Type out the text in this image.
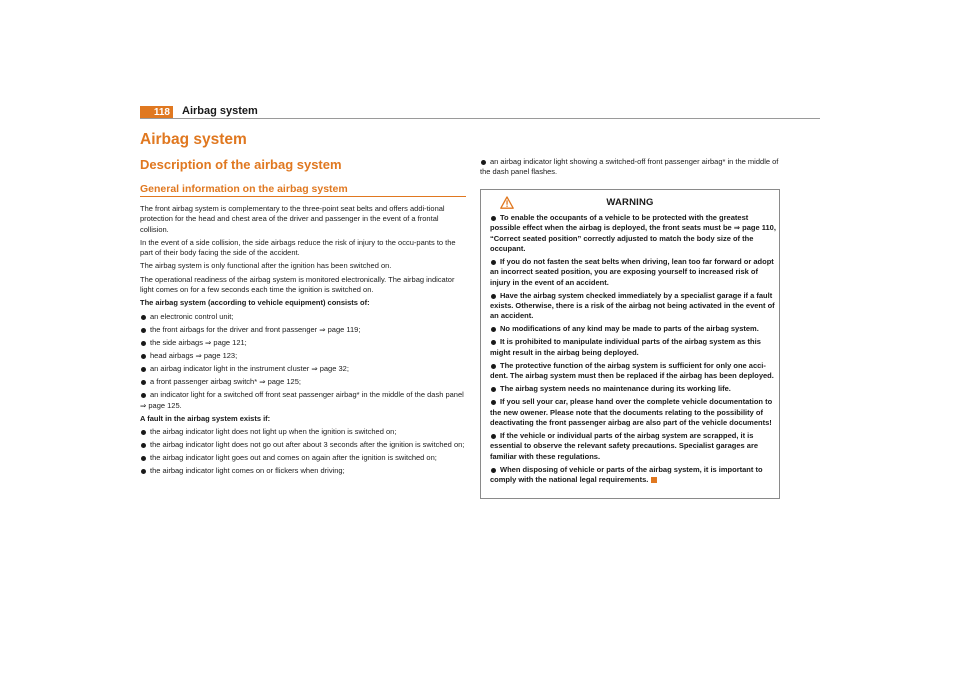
118 Airbag system
Airbag system
Description of the airbag system
General information on the airbag system

The front airbag system is complementary to the three-point seat belts and offers addi-tional protection for the head and chest area of the driver and passenger in the event of a frontal collision.

In the event of a side collision, the side airbags reduce the risk of injury to the occu-pants to the part of their body facing the side of the accident.

The airbag system is only functional after the ignition has been switched on.

The operational readiness of the airbag system is monitored electronically. The airbag indicator light comes on for a few seconds each time the ignition is switched on.

The airbag system (according to vehicle equipment) consists of:

an electronic control unit;
the front airbags for the driver and front passenger ⇒ page 119;
the side airbags ⇒ page 121;
head airbags ⇒ page 123;
an airbag indicator light in the instrument cluster ⇒ page 32;
a front passenger airbag switch* ⇒ page 125;
an indicator light for a switched off front seat passenger airbag* in the middle of the dash panel ⇒ page 125.

A fault in the airbag system exists if:

the airbag indicator light does not light up when the ignition is switched on;
the airbag indicator light does not go out after about 3 seconds after the ignition is switched on;
the airbag indicator light goes out and comes on again after the ignition is switched on;
the airbag indicator light comes on or flickers when driving;
an airbag indicator light showing a switched-off front passenger airbag* in the middle of the dash panel flashes.
WARNING
To enable the occupants of a vehicle to be protected with the greatest possible effect when the airbag is deployed, the front seats must be ⇒ page 110, “Correct seated position” correctly adjusted to match the body size of the occupant.
If you do not fasten the seat belts when driving, lean too far forward or adopt an incorrect seated position, you are exposing yourself to increased risk of injury in the event of an accident.
Have the airbag system checked immediately by a specialist garage if a fault exists. Otherwise, there is a risk of the airbag not being activated in the event of an accident.
No modifications of any kind may be made to parts of the airbag system.
It is prohibited to manipulate individual parts of the airbag system as this might result in the airbag being deployed.
The protective function of the airbag system is sufficient for only one acci-dent. The airbag system must then be replaced if the airbag has been deployed.
The airbag system needs no maintenance during its working life.
If you sell your car, please hand over the complete vehicle documentation to the new owener. Please note that the documents relating to the possibility of deactivating the front passenger airbag are also part of the vehicle documents!
If the vehicle or individual parts of the airbag system are scrapped, it is essential to observe the relevant safety precautions. Specialist garages are familiar with these regulations.
When disposing of vehicle or parts of the airbag system, it is important to comply with the national legal requirements.
